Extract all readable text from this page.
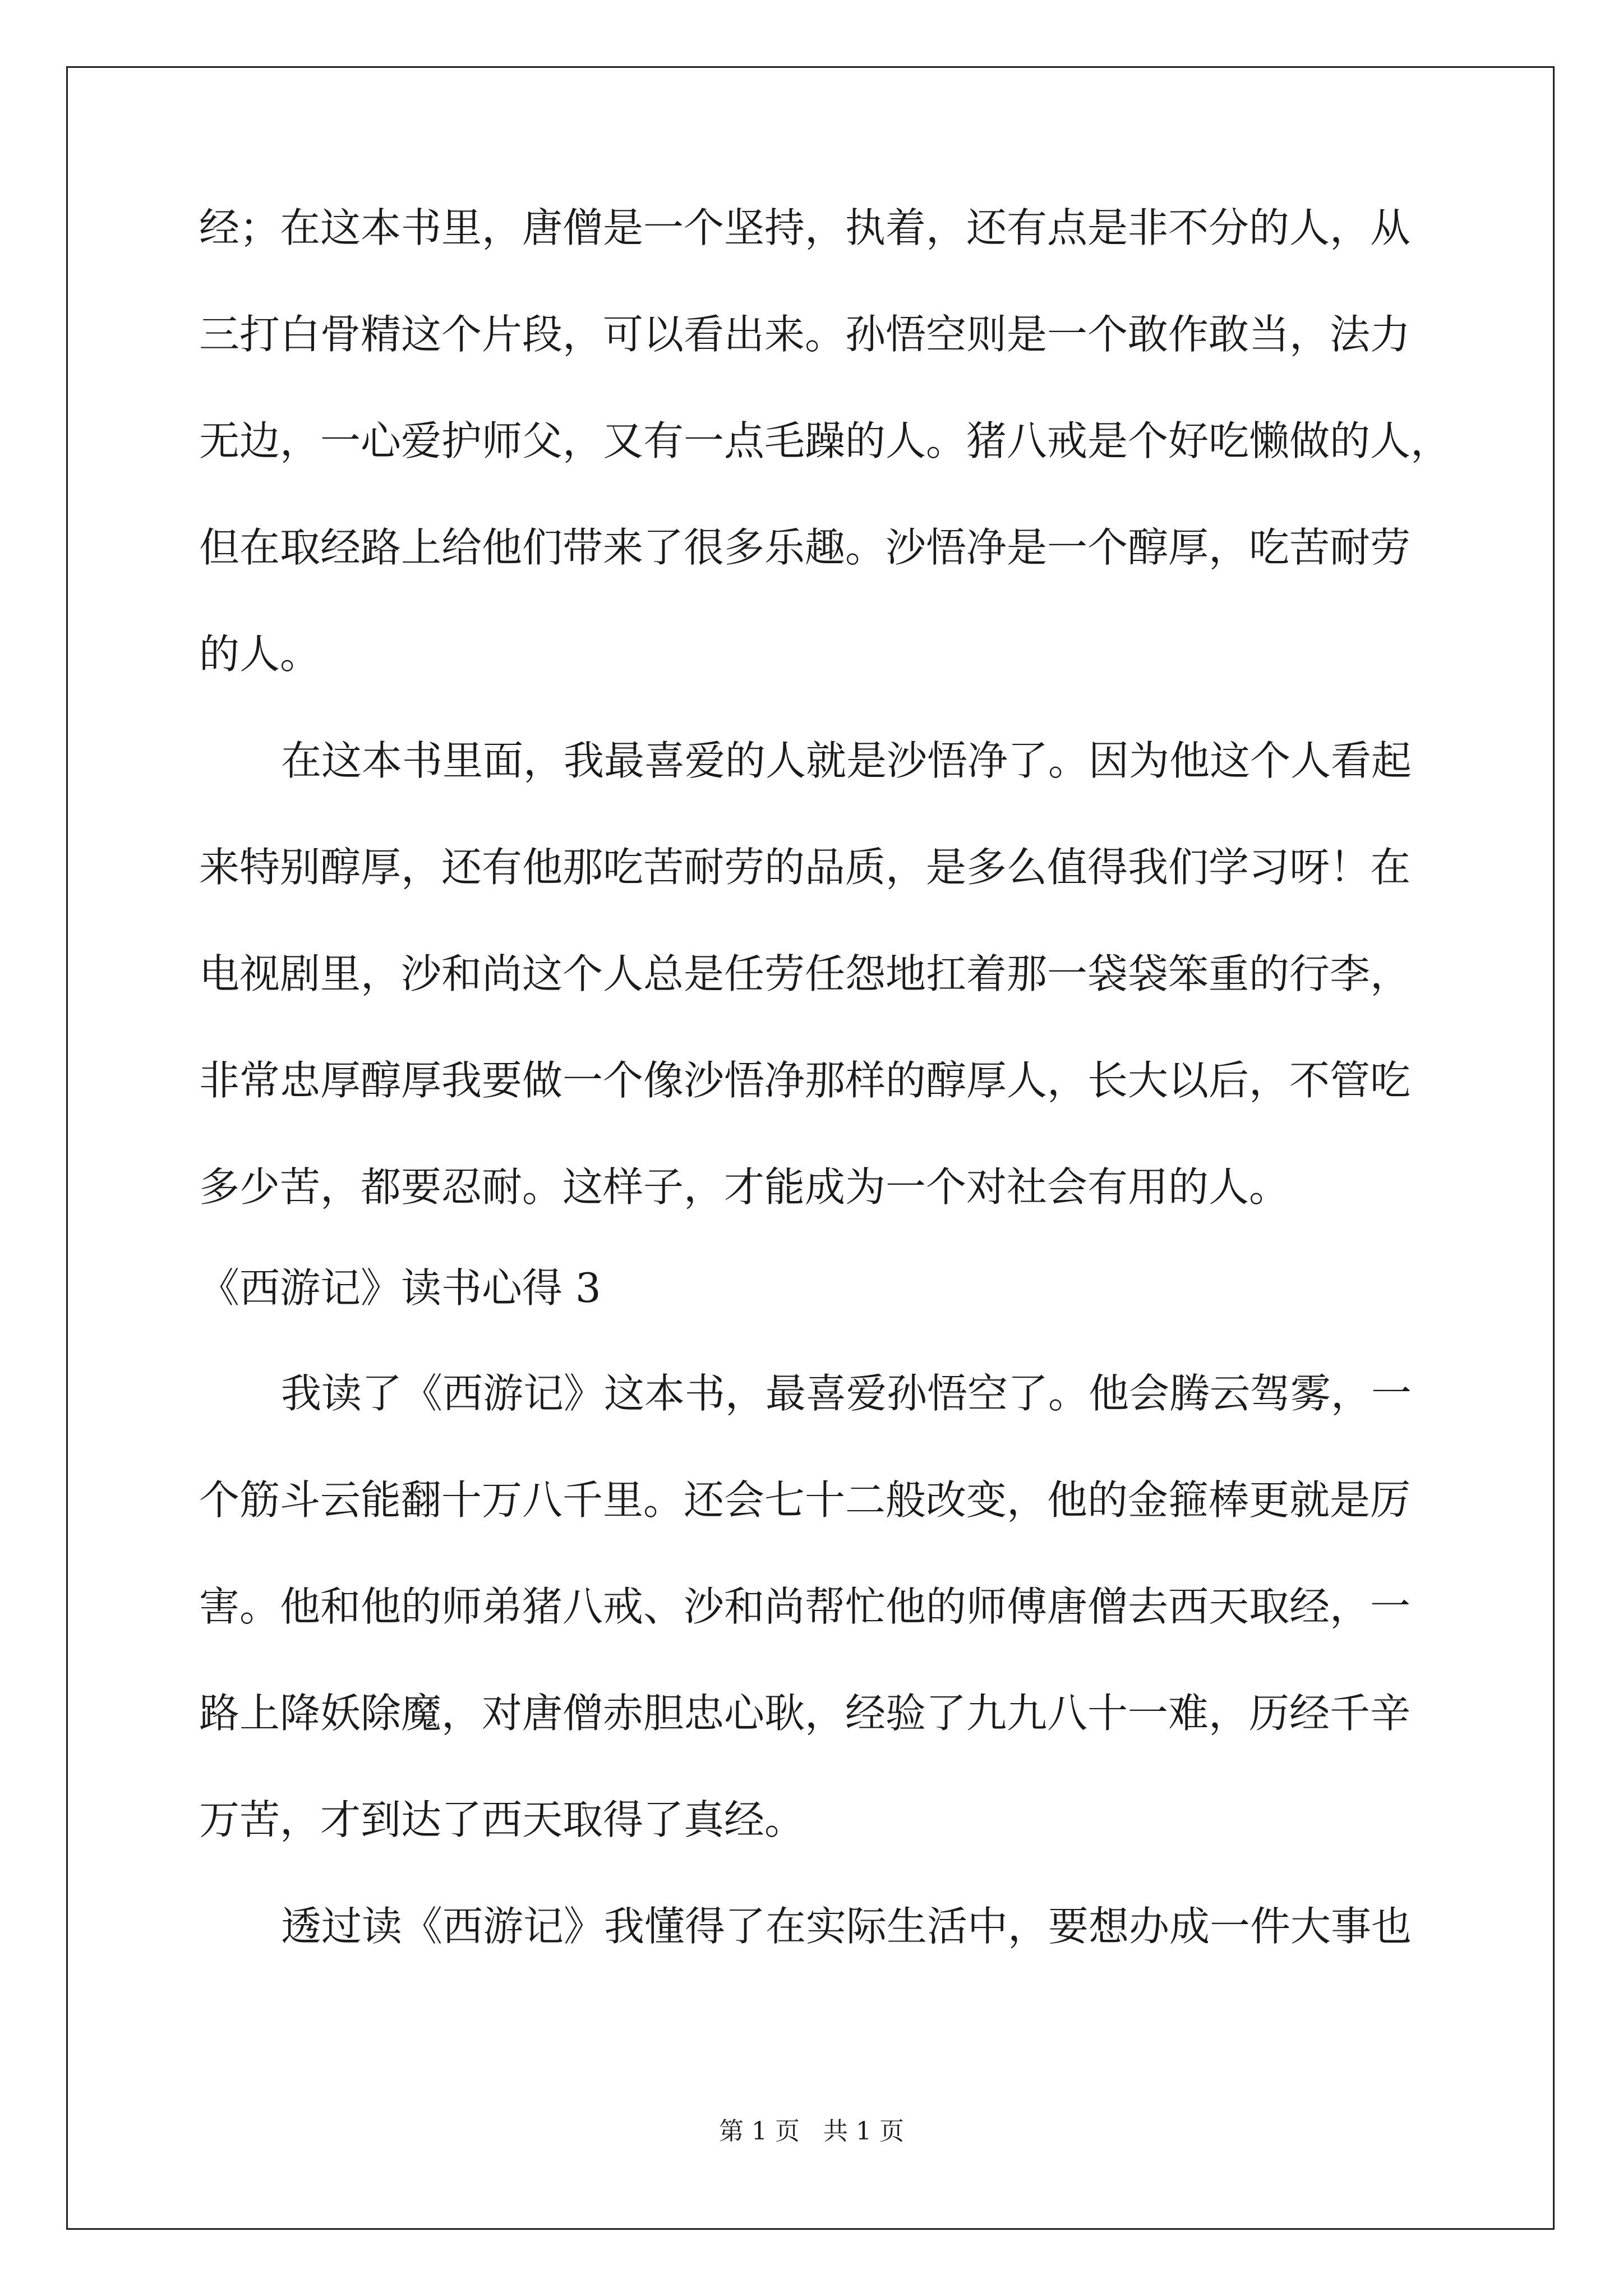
经；在这本书里，唐僧是一个坚持，执着，还有点是非不分的人，从

三打白骨精这个片段，可以看出来。孙悟空则是一个敢作敢当，法力

无边，一心爱护师父，又有一点毛躁的人。猪八戒是个好吃懒做的人，

但在取经路上给他们带来了很多乐趣。沙悟净是一个醇厚，吃苦耐劳

的人。

在这本书里面，我最喜爱的人就是沙悟净了。因为他这个人看起

来特别醇厚，还有他那吃苦耐劳的品质，是多么值得我们学习呀！在

电视剧里，沙和尚这个人总是任劳任怨地扛着那一袋袋笨重的行李，

非常忠厚醇厚我要做一个像沙悟净那样的醇厚人，长大以后，不管吃

多少苦，都要忍耐。这样子，才能成为一个对社会有用的人。

《西游记》读书心得 3

我读了《西游记》这本书，最喜爱孙悟空了。他会腾云驾雾，一

个筋斗云能翻十万八千里。还会七十二般改变，他的金箍棒更就是厉

害。他和他的师弟猪八戒、沙和尚帮忙他的师傅唐僧去西天取经，一

路上降妖除魔，对唐僧赤胆忠心耿，经验了九九八十一难，历经千辛

万苦，才到达了西天取得了真经。

透过读《西游记》我懂得了在实际生活中，要想办成一件大事也

第 1 页   共 1 页
